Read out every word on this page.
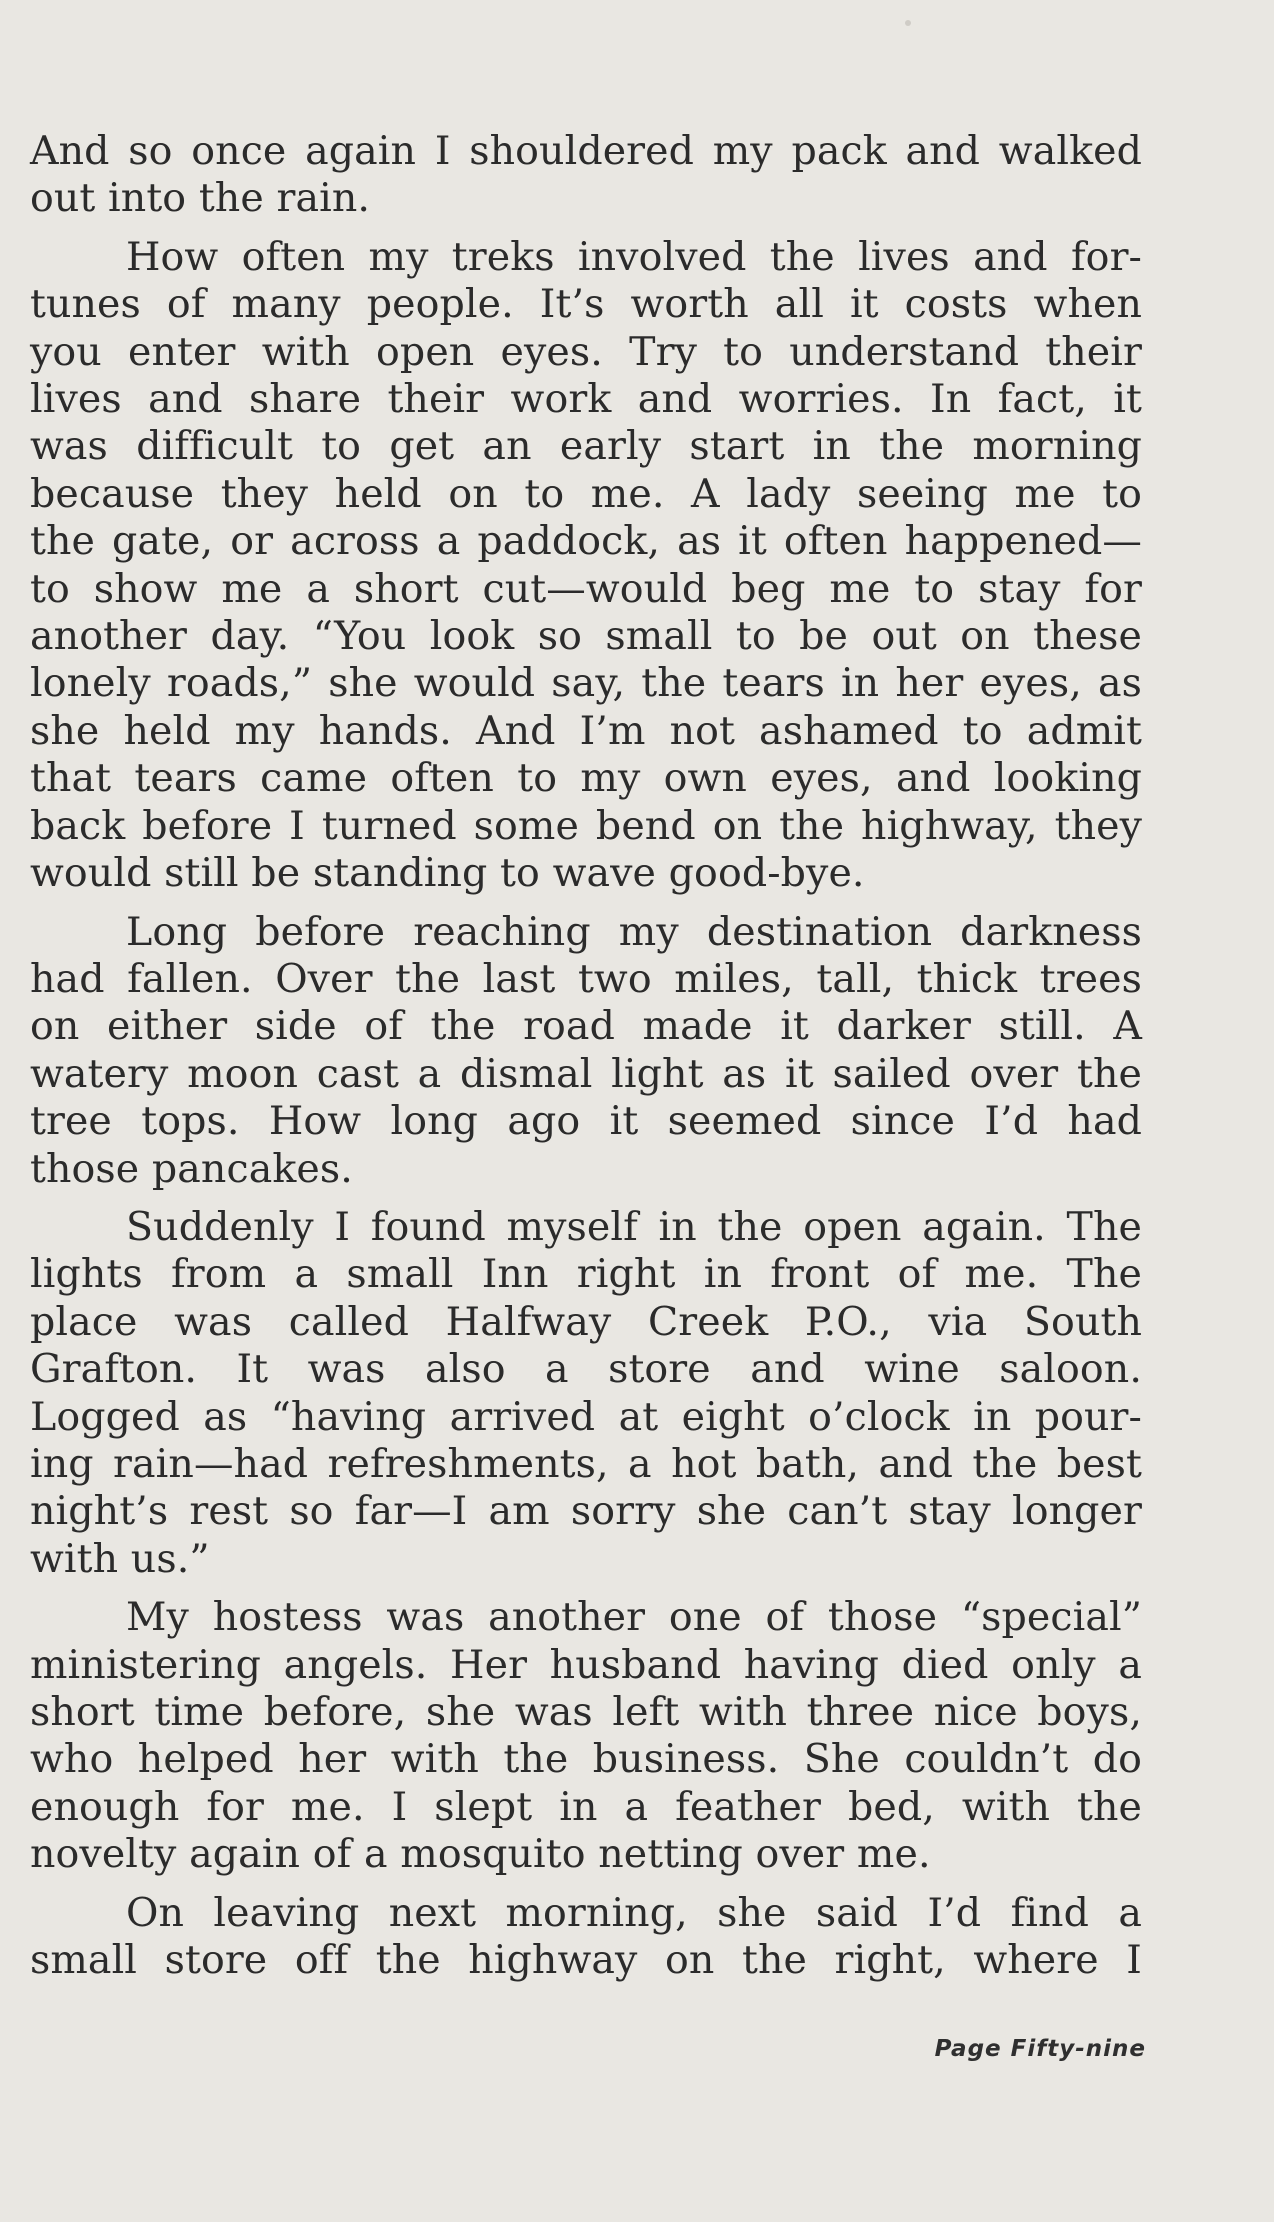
And so once again I shouldered my pack and walked
out into the rain.

How often my treks involved the lives and for-
tunes of many people. It’s worth all it costs when
you enter with open eyes. Try to understand their
lives and share their work and worries. In fact, it
was difficult to get an early start in the morning
because they held on to me. A lady seeing me to
the gate, or across a paddock, as it often happened—
to show me a short cut—would beg me to stay for
another day. “You look so small to be out on these
lonely roads,” she would say, the tears in her eyes, as
she held my hands. And I’m not ashamed to admit
that tears came often to my own eyes, and looking
back before I turned some bend on the highway, they
would still be standing to wave good-bye.

Long before reaching my destination darkness
had fallen. Over the last two miles, tall, thick trees
on either side of the road made it darker still. A
watery moon cast a dismal light as it sailed over the
tree tops. How long ago it seemed since I’d had
those pancakes.

Suddenly I found myself in the open again. The
lights from a small Inn right in front of me. The
place was called Halfway Creek P.O., via South
Grafton. It was also a store and wine saloon.
Logged as “having arrived at eight o’clock in pour-
ing rain—had refreshments, a hot bath, and the best
night’s rest so far—I am sorry she can’t stay longer
with us.”

My hostess was another one of those “special”
ministering angels. Her husband having died only a
short time before, she was left with three nice boys,
who helped her with the business. She couldn’t do
enough for me. I slept in a feather bed, with the
novelty again of a mosquito netting over me.

On leaving next morning, she said I’d find a
small store off the highway on the right, where I

Page Fifty-nine
